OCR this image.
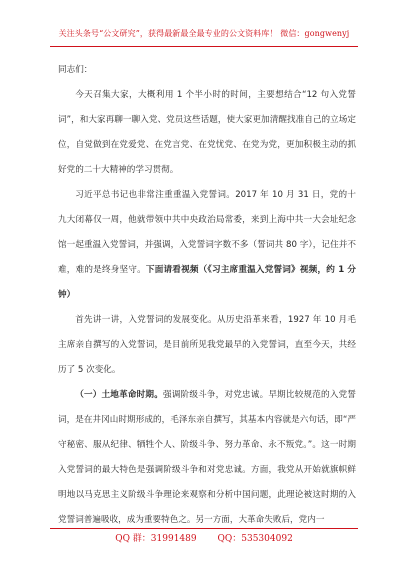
关注头条号“公文研究”，获得最新最全最专业的公文资料库！ 微信：gongwenyj

同志们：

今天召集大家，大概利用 1 个半小时的时间，主要想结合“12 句入党誓词”，和大家再聊一聊入党、党员这些话题，使大家更加清醒找准自己的立场定位，自觉做到在党爱党、在党言党、在党忧党、在党为党，更加积极主动的抓好党的二十大精神的学习贯彻。

习近平总书记也非常注重重温入党誓词。2017 年 10 月 31 日，党的十九大闭幕仅一周，他就带领中共中央政治局常委，来到上海中共一大会址纪念馆一起重温入党誓词，并强调，入党誓词字数不多（誓词共 80 字），记住并不难，难的是终身坚守。下面请看视频（《习主席重温入党誓词》视频，约 1 分钟）

首先讲一讲，入党誓词的发展变化。从历史沿革来看，1927 年 10 月毛主席亲自撰写的入党誓词，是目前所见我党最早的入党誓词，直至今天，共经历了 5 次变化。

（一）土地革命时期。强调阶级斗争，对党忠诚。早期比较规范的入党誓词，是在井冈山时期形成的，毛泽东亲自撰写，其基本内容就是六句话，即“严守秘密、服从纪律、牺牲个人、阶级斗争、努力革命、永不叛党。”。这一时期入党誓词的最大特色是强调阶级斗争和对党忠诚。方面，我党从开始就旗帜鲜明地以马克思主义阶级斗争理论来观察和分析中国问题，此理论被这时期的入党誓词普遍吸收，成为重要特色之。另一方面，大革命失败后，党内一

QQ 群：31991489 QQ：535304092
